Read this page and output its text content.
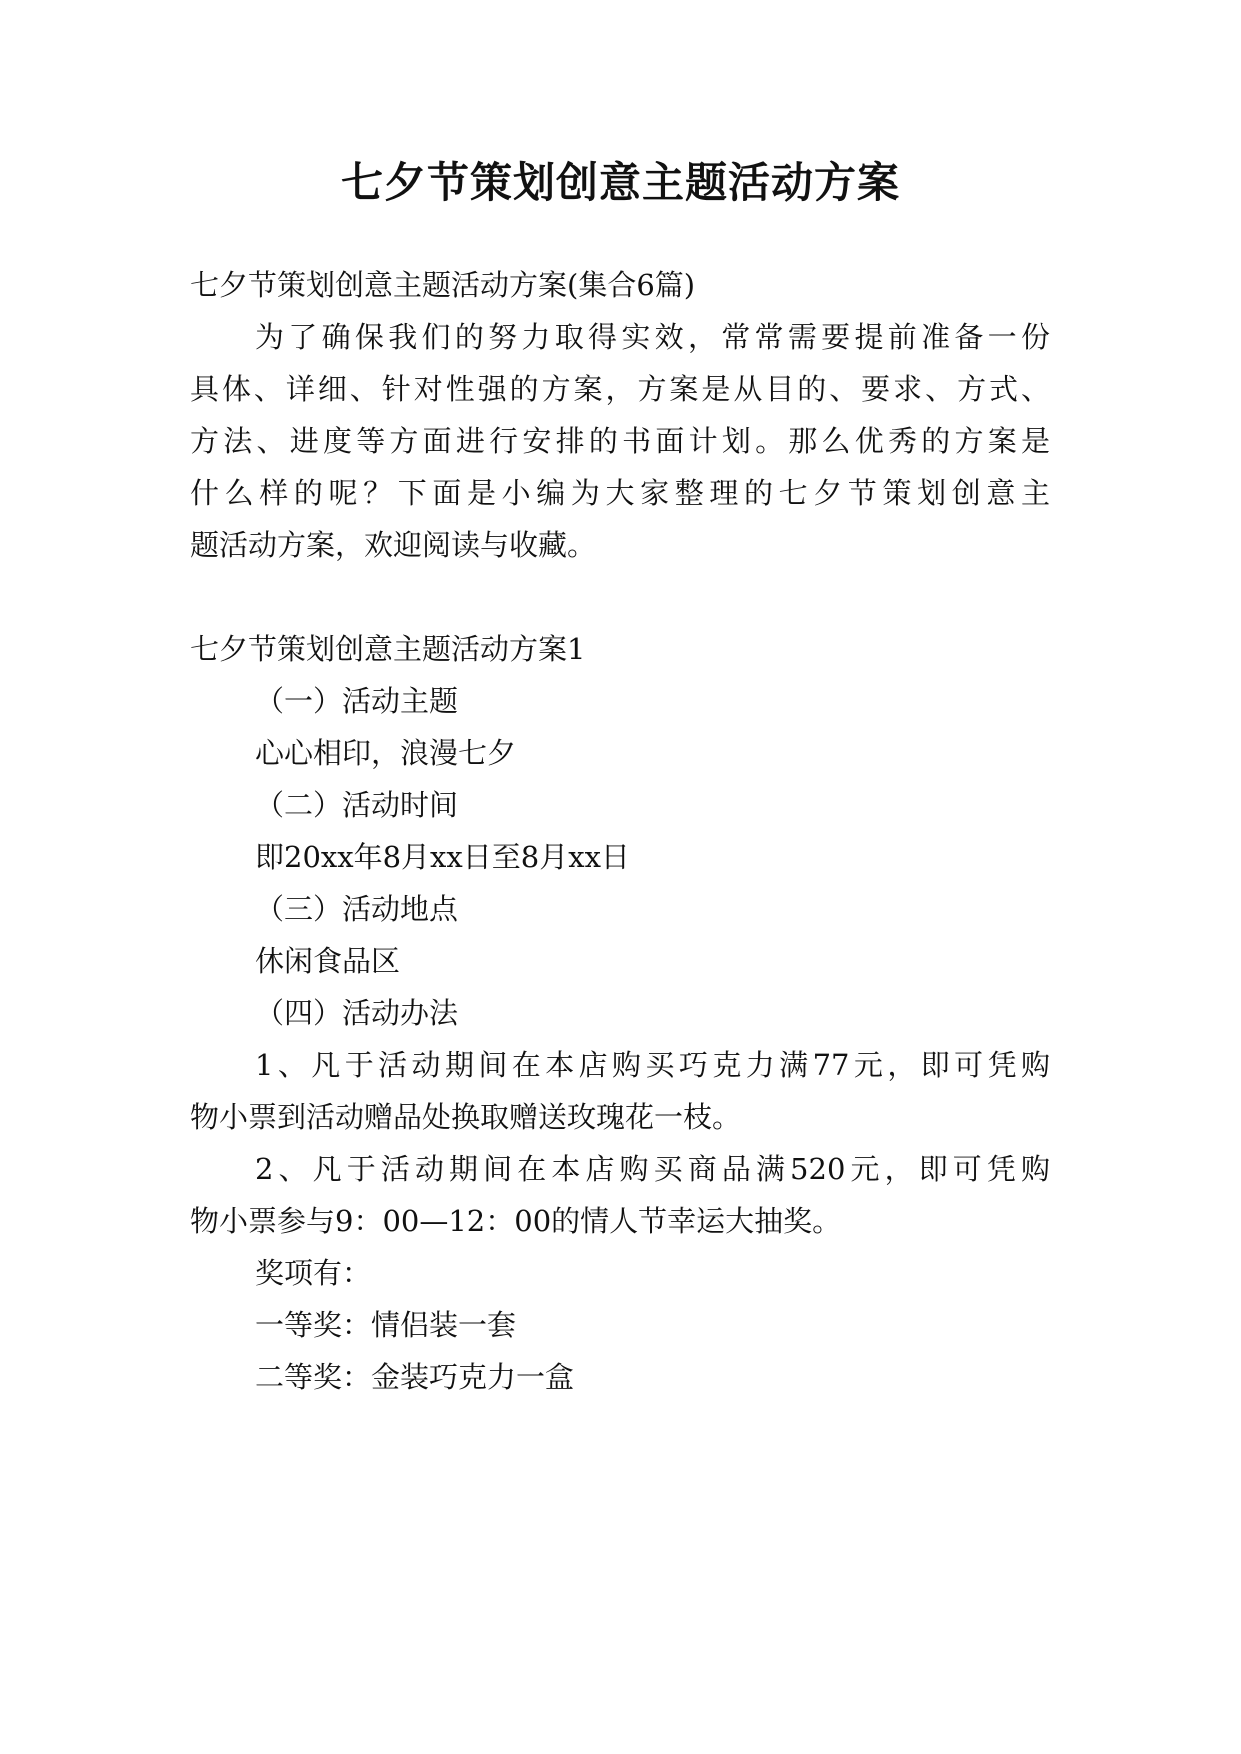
七夕节策划创意主题活动方案
七夕节策划创意主题活动方案(集合6篇)
为了确保我们的努力取得实效，常常需要提前准备一份
具体、详细、针对性强的方案，方案是从目的、要求、方式、
方法、进度等方面进行安排的书面计划。那么优秀的方案是
什么样的呢？下面是小编为大家整理的七夕节策划创意主
题活动方案，欢迎阅读与收藏。
七夕节策划创意主题活动方案1
（一）活动主题
心心相印，浪漫七夕
（二）活动时间
即20xx年8月xx日至8月xx日
（三）活动地点
休闲食品区
（四）活动办法
1、凡于活动期间在本店购买巧克力满77元，即可凭购
物小票到活动赠品处换取赠送玫瑰花一枝。
2、凡于活动期间在本店购买商品满520元，即可凭购
物小票参与9：00—12：00的情人节幸运大抽奖。
奖项有：
一等奖：情侣装一套
二等奖：金装巧克力一盒
